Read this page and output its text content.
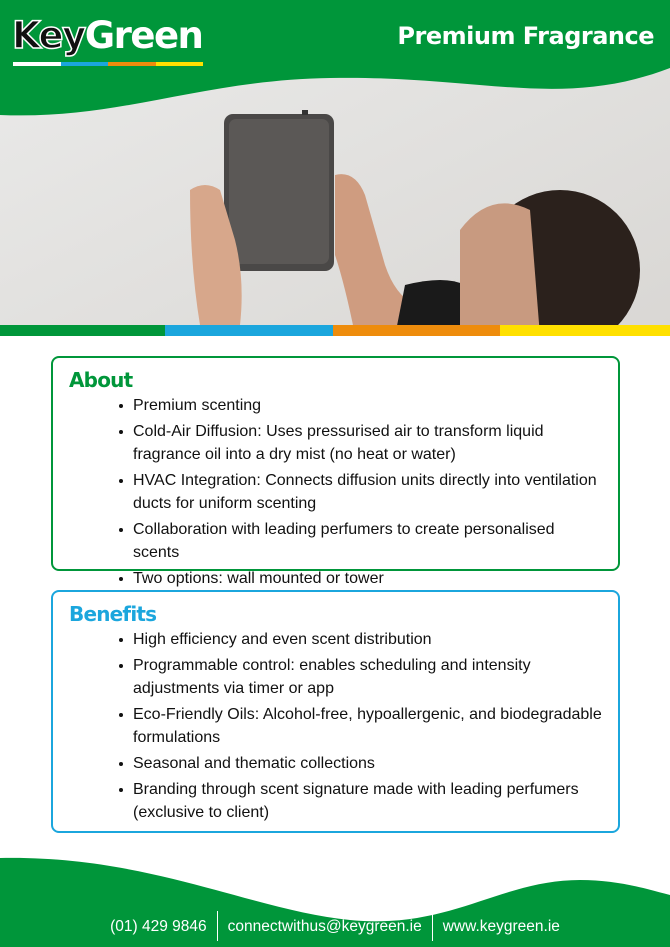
KeyGreen	Premium Fragrance
About
Premium scenting
Cold-Air Diffusion: Uses pressurised air to transform liquid fragrance oil into a dry mist (no heat or water)
HVAC Integration: Connects diffusion units directly into ventilation ducts for uniform scenting
Collaboration with leading perfumers to create personalised scents
Two options: wall mounted or tower
Benefits
High efficiency and even scent distribution
Programmable control: enables scheduling and intensity adjustments via timer or app
Eco-Friendly Oils: Alcohol-free, hypoallergenic, and biodegradable formulations
Seasonal and thematic collections
Branding through scent signature made with leading perfumers (exclusive to client)
(01) 429 9846	connectwithus@keygreen.ie	www.keygreen.ie
